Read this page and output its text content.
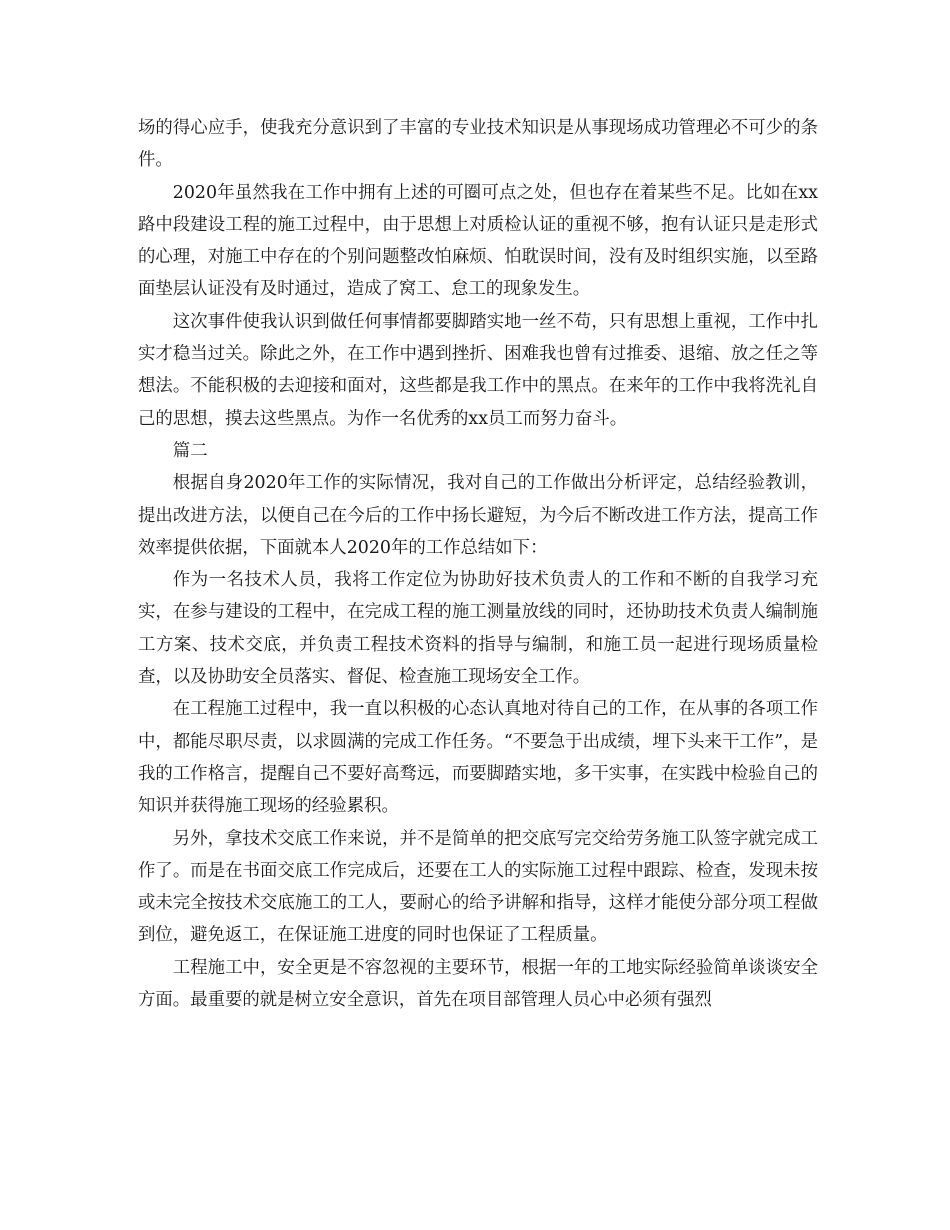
场的得心应手，使我充分意识到了丰富的专业技术知识是从事现场成功管理必不可少的条件。

2020年虽然我在工作中拥有上述的可圈可点之处，但也存在着某些不足。比如在xx路中段建设工程的施工过程中，由于思想上对质检认证的重视不够，抱有认证只是走形式的心理，对施工中存在的个别问题整改怕麻烦、怕耽误时间，没有及时组织实施，以至路面垫层认证没有及时通过，造成了窝工、怠工的现象发生。

这次事件使我认识到做任何事情都要脚踏实地一丝不苟，只有思想上重视，工作中扎实才稳当过关。除此之外，在工作中遇到挫折、困难我也曾有过推委、退缩、放之任之等想法。不能积极的去迎接和面对，这些都是我工作中的黑点。在来年的工作中我将洗礼自己的思想，摸去这些黑点。为作一名优秀的xx员工而努力奋斗。

篇二

根据自身2020年工作的实际情况，我对自己的工作做出分析评定，总结经验教训，提出改进方法，以便自己在今后的工作中扬长避短，为今后不断改进工作方法，提高工作效率提供依据，下面就本人2020年的工作总结如下：

作为一名技术人员，我将工作定位为协助好技术负责人的工作和不断的自我学习充实，在参与建设的工程中，在完成工程的施工测量放线的同时，还协助技术负责人编制施工方案、技术交底，并负责工程技术资料的指导与编制，和施工员一起进行现场质量检查，以及协助安全员落实、督促、检查施工现场安全工作。

在工程施工过程中，我一直以积极的心态认真地对待自己的工作，在从事的各项工作中，都能尽职尽责，以求圆满的完成工作任务。“不要急于出成绩，埋下头来干工作”，是我的工作格言，提醒自己不要好高骛远，而要脚踏实地，多干实事，在实践中检验自己的知识并获得施工现场的经验累积。

另外，拿技术交底工作来说，并不是简单的把交底写完交给劳务施工队签字就完成工作了。而是在书面交底工作完成后，还要在工人的实际施工过程中跟踪、检查，发现未按或未完全按技术交底施工的工人，要耐心的给予讲解和指导，这样才能使分部分项工程做到位，避免返工，在保证施工进度的同时也保证了工程质量。

工程施工中，安全更是不容忽视的主要环节，根据一年的工地实际经验简单谈谈安全方面。最重要的就是树立安全意识，首先在项目部管理人员心中必须有强烈
